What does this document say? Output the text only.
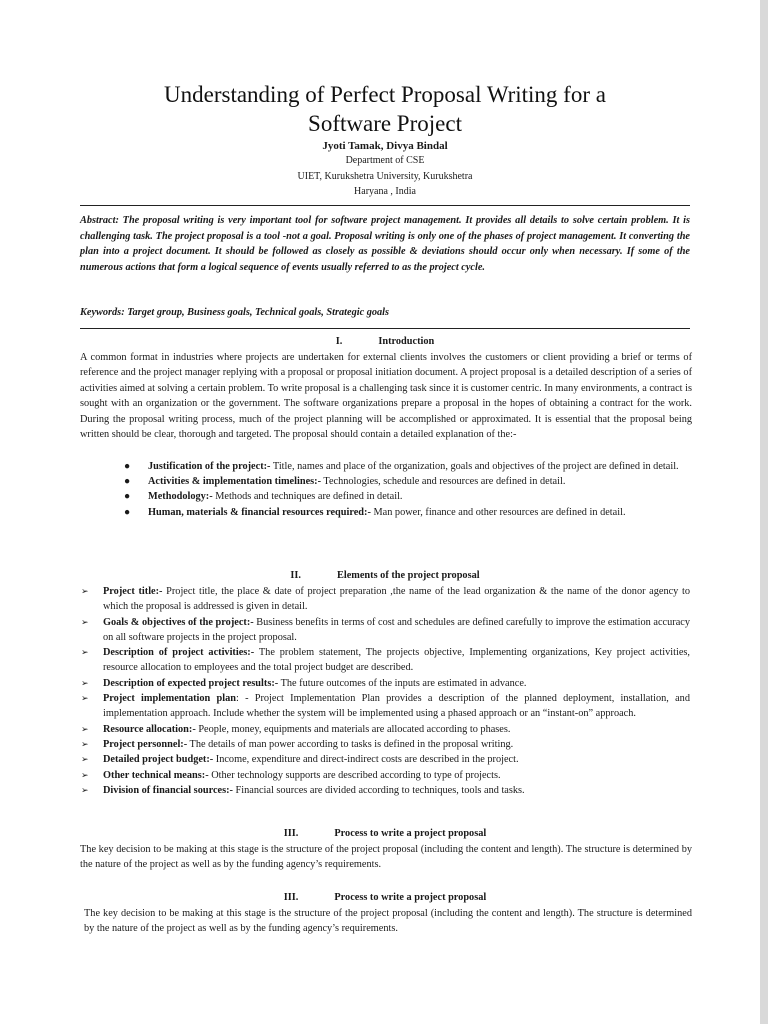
Understanding of Perfect Proposal Writing for a
Software Project
Jyoti Tamak, Divya Bindal
Department of CSE
UIET, Kurukshetra University, Kurukshetra
Haryana , India
Abstract: The proposal writing is very important tool for software project management. It provides all details to solve certain problem. It is challenging task. The project proposal is a tool -not a goal. Proposal writing is only one of the phases of project management. It converting the plan into a project document. It should be followed as closely as possible & deviations should occur only when necessary. If some of the numerous actions that form a logical sequence of events usually referred to as the project cycle.
Keywords: Target group, Business goals, Technical goals, Strategic goals
I.	Introduction
A common format in industries where projects are undertaken for external clients involves the customers or client providing a brief or terms of reference and the project manager replying with a proposal or proposal initiation document. A project proposal is a detailed description of a series of activities aimed at solving a certain problem. To write proposal is a challenging task since it is customer centric. In many environments, a contract is sought with an organization or the government. The software organizations prepare a proposal in the hopes of obtaining a contract for the work. During the proposal writing process, much of the project planning will be accomplished or approximated. It is essential that the proposal being written should be clear, thorough and targeted. The proposal should contain a detailed explanation of the:-
● Justification of the project:- Title, names and place of the organization, goals and objectives of the project are defined in detail.
● Activities & implementation timelines:- Technologies, schedule and resources are defined in detail.
● Methodology:- Methods and techniques are defined in detail.
● Human, materials & financial resources required:- Man power, finance and other resources are defined in detail.
II.	Elements of the project proposal
➢ Project title:- Project title, the place & date of project preparation ,the name of the lead organization & the name of the donor agency to which the proposal is addressed is given in detail.
➢ Goals & objectives of the project:- Business benefits in terms of cost and schedules are defined carefully to improve the estimation accuracy on all software projects in the project proposal.
➢ Description of project activities:- The problem statement, The projects objective, Implementing organizations, Key project activities, resource allocation to employees and the total project budget are described.
➢ Description of expected project results:- The future outcomes of the inputs are estimated in advance.
➢ Project implementation plan: - Project Implementation Plan provides a description of the planned deployment, installation, and implementation approach. Include whether the system will be implemented using a phased approach or an “instant-on” approach.
➢ Resource allocation:- People, money, equipments and materials are allocated according to phases.
➢ Project personnel:- The details of man power according to tasks is defined in the proposal writing.
➢ Detailed project budget:- Income, expenditure and direct-indirect costs are described in the project.
➢ Other technical means:- Other technology supports are described according to type of projects.
➢ Division of financial sources:- Financial sources are divided according to techniques, tools and tasks.
III.	Process to write a project proposal
The key decision to be making at this stage is the structure of the project proposal (including the content and length). The structure is determined by the nature of the project as well as by the funding agency’s requirements.
III.	Process to write a project proposal
The key decision to be making at this stage is the structure of the project proposal (including the content and length). The structure is determined by the nature of the project as well as by the funding agency’s requirements.
